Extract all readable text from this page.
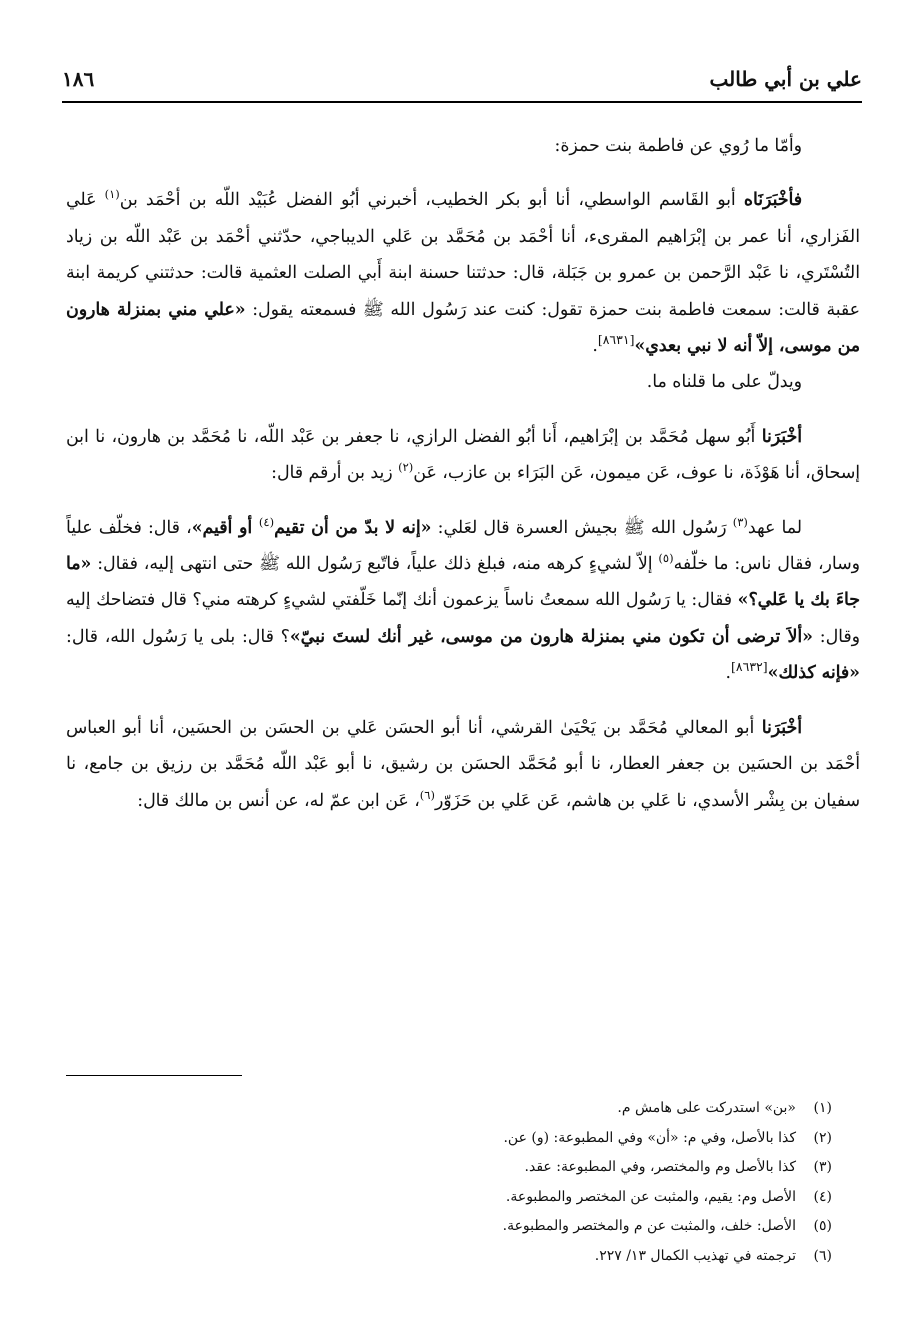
علي بن أبي طالب
١٨٦

وأمّا ما رُوي عن فاطمة بنت حمزة:

فأخْبَرَنَاه أبو القَاسم الواسطي، أنا أبو بكر الخطيب، أخبرني أبُو الفضل عُبَيْد اللّه بن أحْمَد بن$^{(١)}$ عَلي الفَزاري، أنا عمر بن إبْرَاهيم المقرىء، أنا أحْمَد بن مُحَمَّد بن عَلي الديباجي، حدّثني أحْمَد بن عَبْد اللّه بن زياد التُسْتَري، نا عَبْد الرَّحمن بن عمرو بن جَبَلة، قال: حدثتنا حسنة ابنة أَبي الصلت العثمية قالت: حدثتني كريمة ابنة عقبة قالت: سمعت فاطمة بنت حمزة تقول: كنت عند رَسُول الله ﷺ فسمعته يقول: «علي مني بمنزلة هارون من موسى، إلاّ أنه لا نبي بعدي»[٨٦٣١].

ويدلّ على ما قلناه ما.

أخْبَرَنا أَبُو سهل مُحَمَّد بن إبْرَاهيم، أَنا أبُو الفضل الرازي، نا جعفر بن عَبْد اللّه، نا مُحَمَّد بن هارون، نا ابن إسحاق، أنا هَوْذَة، نا عوف، عَن ميمون، عَن البَرَاء بن عازب، عَن$^{(٢)}$ زيد بن أرقم قال:

لما عهد$^{(٣)}$ رَسُول الله ﷺ بجيش العسرة قال لعَلي: «إنه لا بدّ من أن تقيم$^{(٤)}$ أو أقيم»، قال: فخلّف علياً وسار، فقال ناس: ما خلّفه$^{(٥)}$ إلاّ لشيءٍ كرهه منه، فبلغ ذلك علياً، فاتّبع رَسُول الله ﷺ حتى انتهى إليه، فقال: «ما جاءَ بك يا عَلي؟» فقال: يا رَسُول الله سمعتُ ناساً يزعمون أنك إنّما خَلّفتي لشيءٍ كرهته مني؟ قال فتضاحك إليه وقال: «ألاَ ترضى أن تكون مني بمنزلة هارون من موسى، غير أنك لستَ نبيّ»؟ قال: بلى يا رَسُول الله، قال: «فإنه كذلك»[٨٦٣٢].

أخْبَرَنا أبو المعالي مُحَمَّد بن يَحْيَىٰ القرشي، أنا أبو الحسَن عَلي بن الحسَن بن الحسَين، أنا أبو العباس أحْمَد بن الحسَين بن جعفر العطار، نا أبو مُحَمَّد الحسَن بن رشيق، نا أبو عَبْد اللّه مُحَمَّد بن رزيق بن جامع، نا سفيان بن بِشْر الأسدي، نا عَلي بن هاشم، عَن عَلي بن حَزَوّر$^{(٦)}$، عَن ابن عمّ له، عن أنس بن مالك قال:

(١)
«بن» استدركت على هامش م.
(٢)
كذا بالأصل، وفي م: «أن» وفي المطبوعة: (و) عن.
(٣)
كذا بالأصل وم والمختصر، وفي المطبوعة: عقد.
(٤)
الأصل وم: يقيم، والمثبت عن المختصر والمطبوعة.
(٥)
الأصل: خلف، والمثبت عن م والمختصر والمطبوعة.
(٦)
ترجمته في تهذيب الكمال ١٣/ ٢٢٧.
